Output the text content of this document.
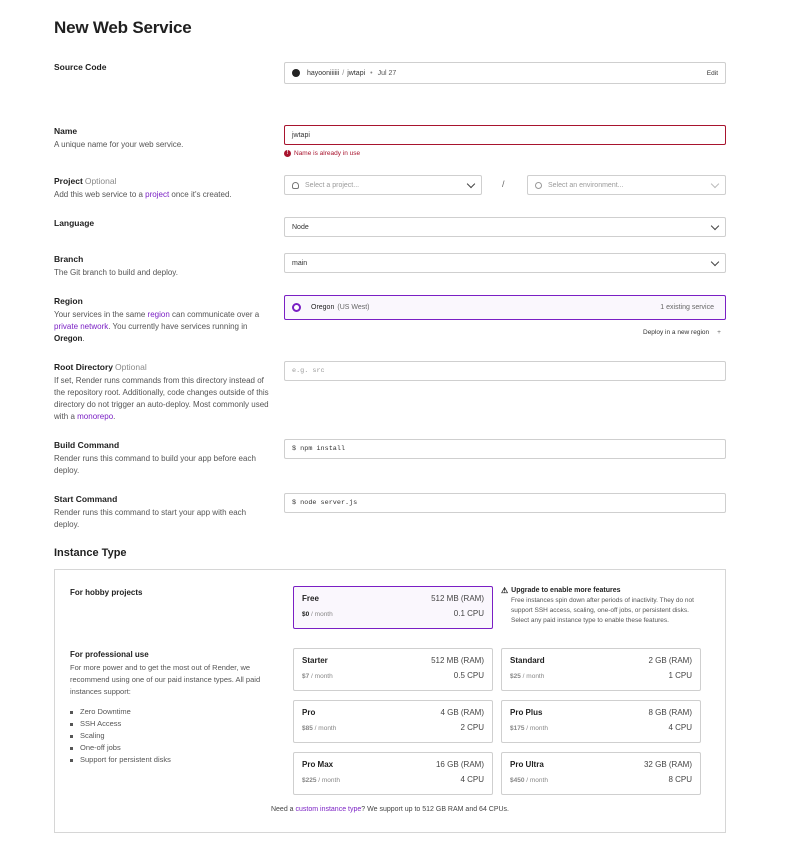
New Web Service
Source Code
hayooniiiiii / jwtapi • Jul 27	Edit
Name
A unique name for your web service.
jwtapi
! Name is already in use
Project Optional
Add this web service to a project once it's created.
Select a project...	/	Select an environment...
Language	Node
Branch
The Git branch to build and deploy.
main
Region
Your services in the same region can communicate over a private network. You currently have services running in Oregon.
Oregon (US West)	1 existing service
Deploy in a new region +
Root Directory Optional
If set, Render runs commands from this directory instead of the repository root. Additionally, code changes outside of this directory do not trigger an auto-deploy. Most commonly used with a monorepo.
e.g. src
Build Command
Render runs this command to build your app before each deploy.
$ npm install
Start Command
Render runs this command to start your app with each deploy.
$ node server.js
Instance Type
For hobby projects
Free	512 MB (RAM)
$0 / month	0.1 CPU
⚠ Upgrade to enable more features
Free instances spin down after periods of inactivity. They do not support SSH access, scaling, one-off jobs, or persistent disks. Select any paid instance type to enable these features.
For professional use
For more power and to get the most out of Render, we recommend using one of our paid instance types. All paid instances support:
Zero Downtime
SSH Access
Scaling
One-off jobs
Support for persistent disks
Starter	512 MB (RAM)
$7 / month	0.5 CPU
Standard	2 GB (RAM)
$25 / month	1 CPU
Pro	4 GB (RAM)
$85 / month	2 CPU
Pro Plus	8 GB (RAM)
$175 / month	4 CPU
Pro Max	16 GB (RAM)
$225 / month	4 CPU
Pro Ultra	32 GB (RAM)
$450 / month	8 CPU
Need a custom instance type? We support up to 512 GB RAM and 64 CPUs.
